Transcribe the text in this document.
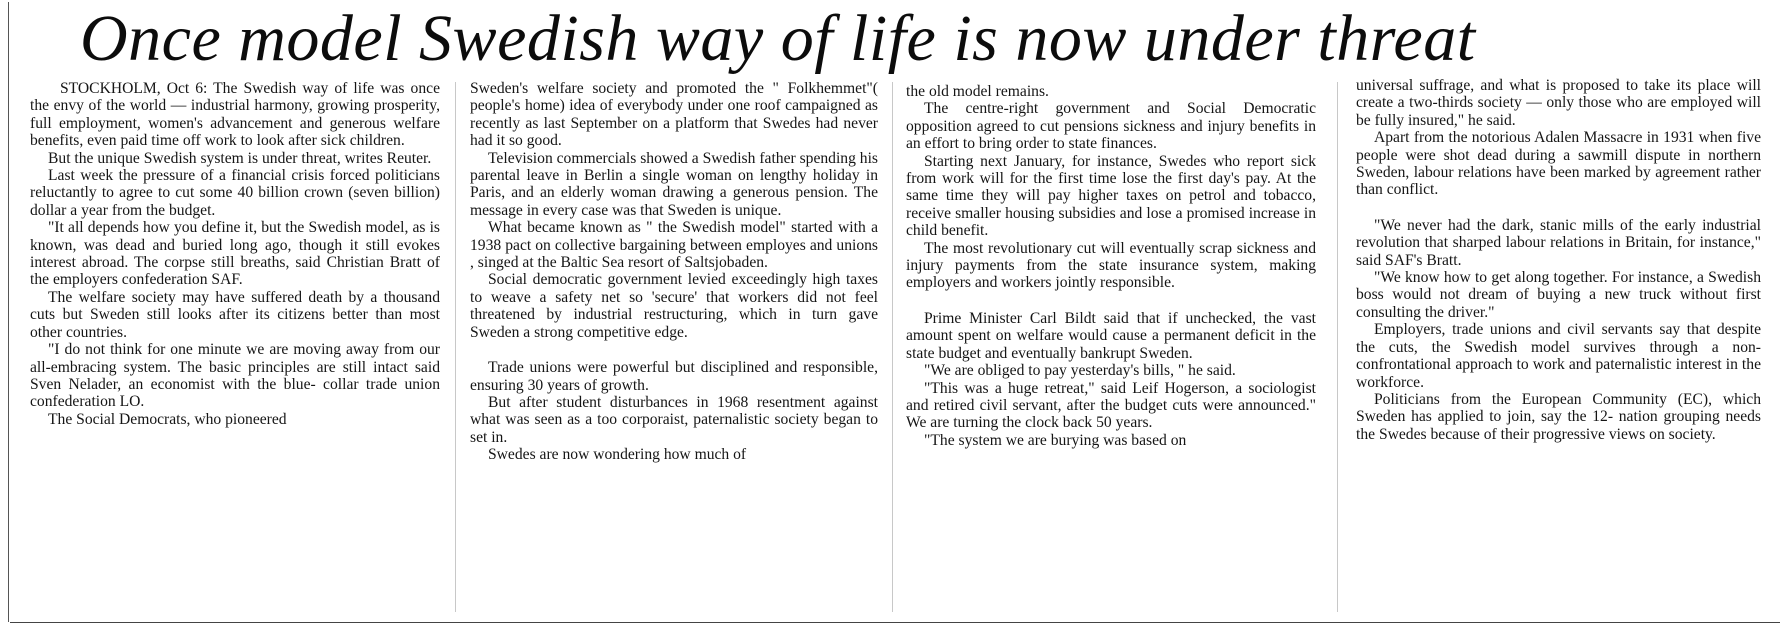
Once model Swedish way of life is now under threat

STOCKHOLM, Oct 6: The Swedish way of life was once the envy of the world — industrial harmony, growing prosperity, full employment, women's advancement and generous welfare benefits, even paid time off work to look after sick children.

But the unique Swedish system is under threat, writes Reuter.

Last week the pressure of a financial crisis forced politicians reluctantly to agree to cut some 40 billion crown (seven billion) dollar a year from the budget.

"It all depends how you define it, but the Swedish model, as is known, was dead and buried long ago, though it still evokes interest abroad. The corpse still breaths, said Christian Bratt of the employers confederation SAF.

The welfare society may have suffered death by a thousand cuts but Sweden still looks after its citizens better than most other countries.

"I do not think for one minute we are moving away from our all-embracing system. The basic principles are still intact said Sven Nelader, an economist with the blue- collar trade union confederation LO.

The Social Democrats, who pioneered

Sweden's welfare society and promoted the " Folkhemmet"( people's home) idea of everybody under one roof campaigned as recently as last September on a platform that Swedes had never had it so good.

Television commercials showed a Swedish father spending his parental leave in Berlin a single woman on lengthy holiday in Paris, and an elderly woman drawing a generous pension. The message in every case was that Sweden is unique.

What became known as " the Swedish model" started with a 1938 pact on collective bargaining between employes and unions , singed at the Baltic Sea resort of Saltsjobaden.

Social democratic government levied exceedingly high taxes to weave a safety net so 'secure' that workers did not feel threatened by industrial restructuring, which in turn gave Sweden a strong competitive edge.

Trade unions were powerful but disciplined and responsible, ensuring 30 years of growth.

But after student disturbances in 1968 resentment against what was seen as a too corporaist, paternalistic society began to set in.

Swedes are now wondering how much of

the old model remains.

The centre-right government and Social Democratic opposition agreed to cut pensions sickness and injury benefits in an effort to bring order to state finances.

Starting next January, for instance, Swedes who report sick from work will for the first time lose the first day's pay. At the same time they will pay higher taxes on petrol and tobacco, receive smaller housing subsidies and lose a promised increase in child benefit.

The most revolutionary cut will eventually scrap sickness and injury payments from the state insurance system, making employers and workers jointly responsible.

Prime Minister Carl Bildt said that if unchecked, the vast amount spent on welfare would cause a permanent deficit in the state budget and eventually bankrupt Sweden.

"We are obliged to pay yesterday's bills, " he said.

"This was a huge retreat," said Leif Hogerson, a sociologist and retired civil servant, after the budget cuts were announced." We are turning the clock back 50 years.

"The system we are burying was based on

universal suffrage, and what is proposed to take its place will create a two-thirds society — only those who are employed will be fully insured," he said.

Apart from the notorious Adalen Massacre in 1931 when five people were shot dead during a sawmill dispute in northern Sweden, labour relations have been marked by agreement rather than conflict.

"We never had the dark, stanic mills of the early industrial revolution that sharped labour relations in Britain, for instance," said SAF's Bratt.

"We know how to get along together. For instance, a Swedish boss would not dream of buying a new truck without first consulting the driver."

Employers, trade unions and civil servants say that despite the cuts, the Swedish model survives through a non-confrontational approach to work and paternalistic interest in the workforce.

Politicians from the European Community (EC), which Sweden has applied to join, say the 12- nation grouping needs the Swedes because of their progressive views on society.
